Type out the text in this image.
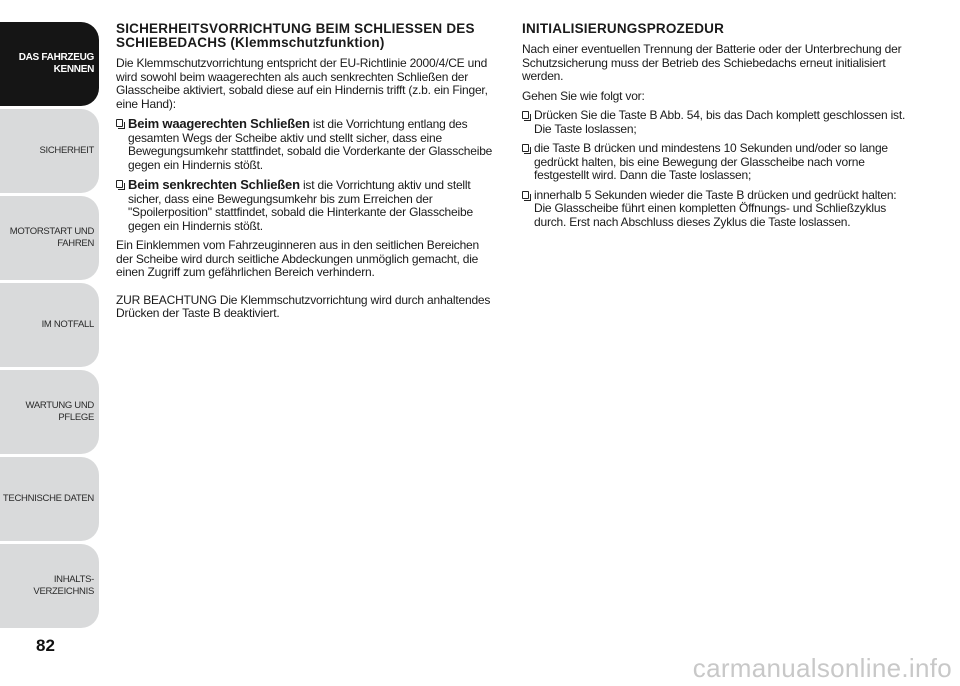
DAS FAHRZEUG
KENNEN
SICHERHEIT
MOTORSTART UND
FAHREN
IM NOTFALL
WARTUNG UND
PFLEGE
TECHNISCHE DATEN
INHALTS-
VERZEICHNIS
82
SICHERHEITSVORRICHTUNG BEIM SCHLIESSEN DES SCHIEBEDACHS (Klemmschutzfunktion)

Die Klemmschutzvorrichtung entspricht der EU-Richtlinie 2000/4/CE und wird sowohl beim waagerechten als auch senkrechten Schließen der Glasscheibe aktiviert, sobald diese auf ein Hindernis trifft (z.b. ein Finger, eine Hand):

Beim waagerechten Schließen ist die Vorrichtung entlang des gesamten Wegs der Scheibe aktiv und stellt sicher, dass eine Bewegungsumkehr stattfindet, sobald die Vorderkante der Glasscheibe gegen ein Hindernis stößt.

Beim senkrechten Schließen ist die Vorrichtung aktiv und stellt sicher, dass eine Bewegungsumkehr bis zum Erreichen der "Spoilerposition" stattfindet, sobald die Hinterkante der Glasscheibe gegen ein Hindernis stößt.

Ein Einklemmen vom Fahrzeuginneren aus in den seitlichen Bereichen der Scheibe wird durch seitliche Abdeckungen unmöglich gemacht, die einen Zugriff zum gefährlichen Bereich verhindern.

ZUR BEACHTUNG Die Klemmschutzvorrichtung wird durch anhaltendes Drücken der Taste B deaktiviert.

INITIALISIERUNGSPROZEDUR

Nach einer eventuellen Trennung der Batterie oder der Unterbrechung der Schutzsicherung muss der Betrieb des Schiebedachs erneut initialisiert werden.

Gehen Sie wie folgt vor:

Drücken Sie die Taste B Abb. 54, bis das Dach komplett geschlossen ist. Die Taste loslassen;

die Taste B drücken und mindestens 10 Sekunden und/oder so lange gedrückt halten, bis eine Bewegung der Glasscheibe nach vorne festgestellt wird. Dann die Taste loslassen;

innerhalb 5 Sekunden wieder die Taste B drücken und gedrückt halten: Die Glasscheibe führt einen kompletten Öffnungs- und Schließzyklus durch. Erst nach Abschluss dieses Zyklus die Taste loslassen.

carmanualsonline.info
